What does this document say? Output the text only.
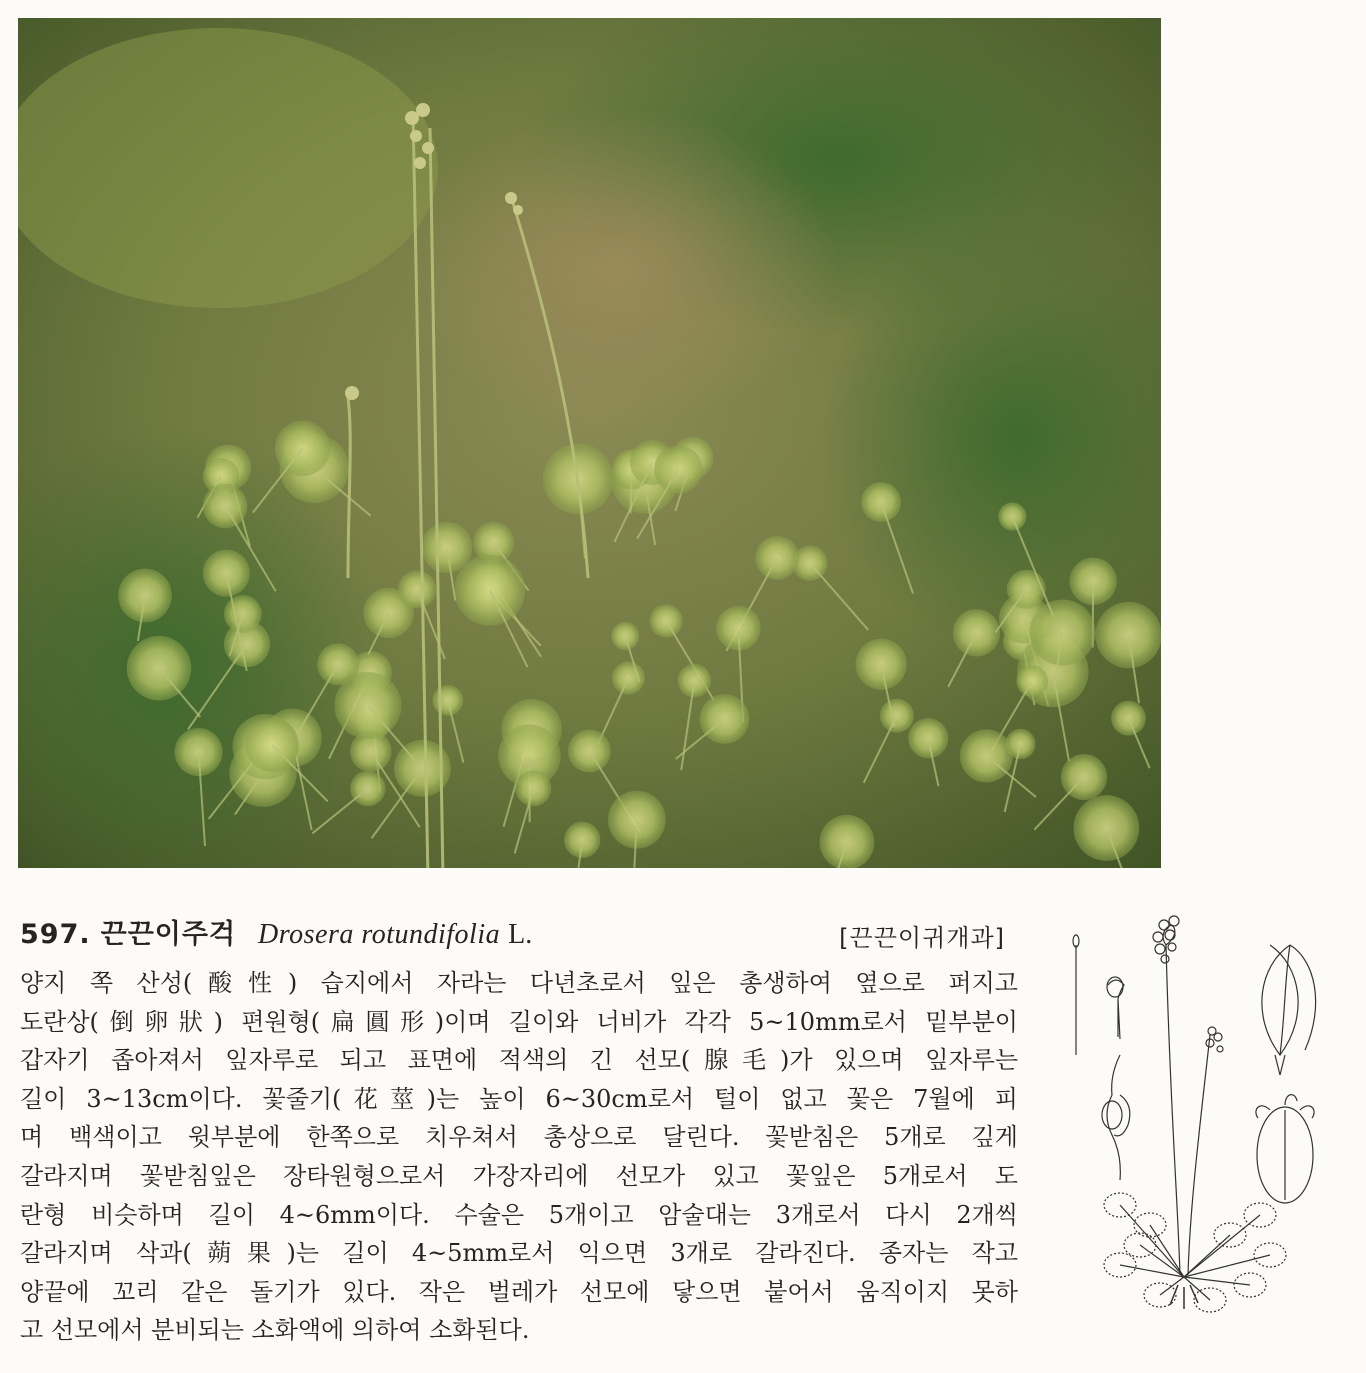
597. 끈끈이주걱 Drosera rotundifolia L.	[끈끈이귀개과]
양지 쪽 산성(酸性) 습지에서 자라는 다년초로서 잎은 총생하여 옆으로 퍼지고
도란상(倒卵狀) 편원형(扁圓形)이며 길이와 너비가 각각 5~10mm로서 밑부분이
갑자기 좁아져서 잎자루로 되고 표면에 적색의 긴 선모(腺毛)가 있으며 잎자루는
길이 3~13cm이다. 꽃줄기(花莖)는 높이 6~30cm로서 털이 없고 꽃은 7월에 피
며 백색이고 윗부분에 한쪽으로 치우쳐서 총상으로 달린다. 꽃받침은 5개로 깊게
갈라지며 꽃받침잎은 장타원형으로서 가장자리에 선모가 있고 꽃잎은 5개로서 도
란형 비슷하며 길이 4~6mm이다. 수술은 5개이고 암술대는 3개로서 다시 2개씩
갈라지며 삭과(蒴果)는 길이 4~5mm로서 익으면 3개로 갈라진다. 종자는 작고
양끝에 꼬리 같은 돌기가 있다. 작은 벌레가 선모에 닿으면 붙어서 움직이지 못하
고 선모에서 분비되는 소화액에 의하여 소화된다.
